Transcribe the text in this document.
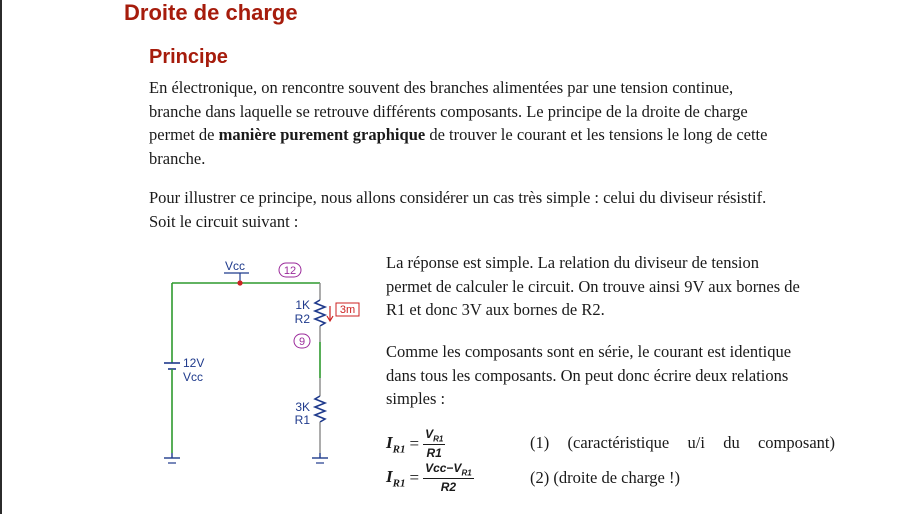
Droite de charge
Principe

En électronique, on rencontre souvent des branches alimentées par une tension continue,
branche dans laquelle se retrouve différents composants. Le principe de la droite de charge
permet de manière purement graphique de trouver le courant et les tensions le long de cette
branche.

Pour illustrer ce principe, nous allons considérer un cas très simple : celui du diviseur résistif.
Soit le circuit suivant :

Vcc	12
1K
R2
3m
9
3K
R1
12V
Vcc

La réponse est simple. La relation du diviseur de tension
permet de calculer le circuit. On trouve ainsi 9V aux bornes de
R1 et donc 3V aux bornes de R2.

Comme les composants sont en série, le courant est identique
dans tous les composants. On peut donc écrire deux relations
simples :

$I_{R1} = \frac{V_{R1}}{R1}$	(1) (caractéristique u/i du composant)
$I_{R1} = \frac{Vcc-V_{R1}}{R2}$	(2) (droite de charge !)
